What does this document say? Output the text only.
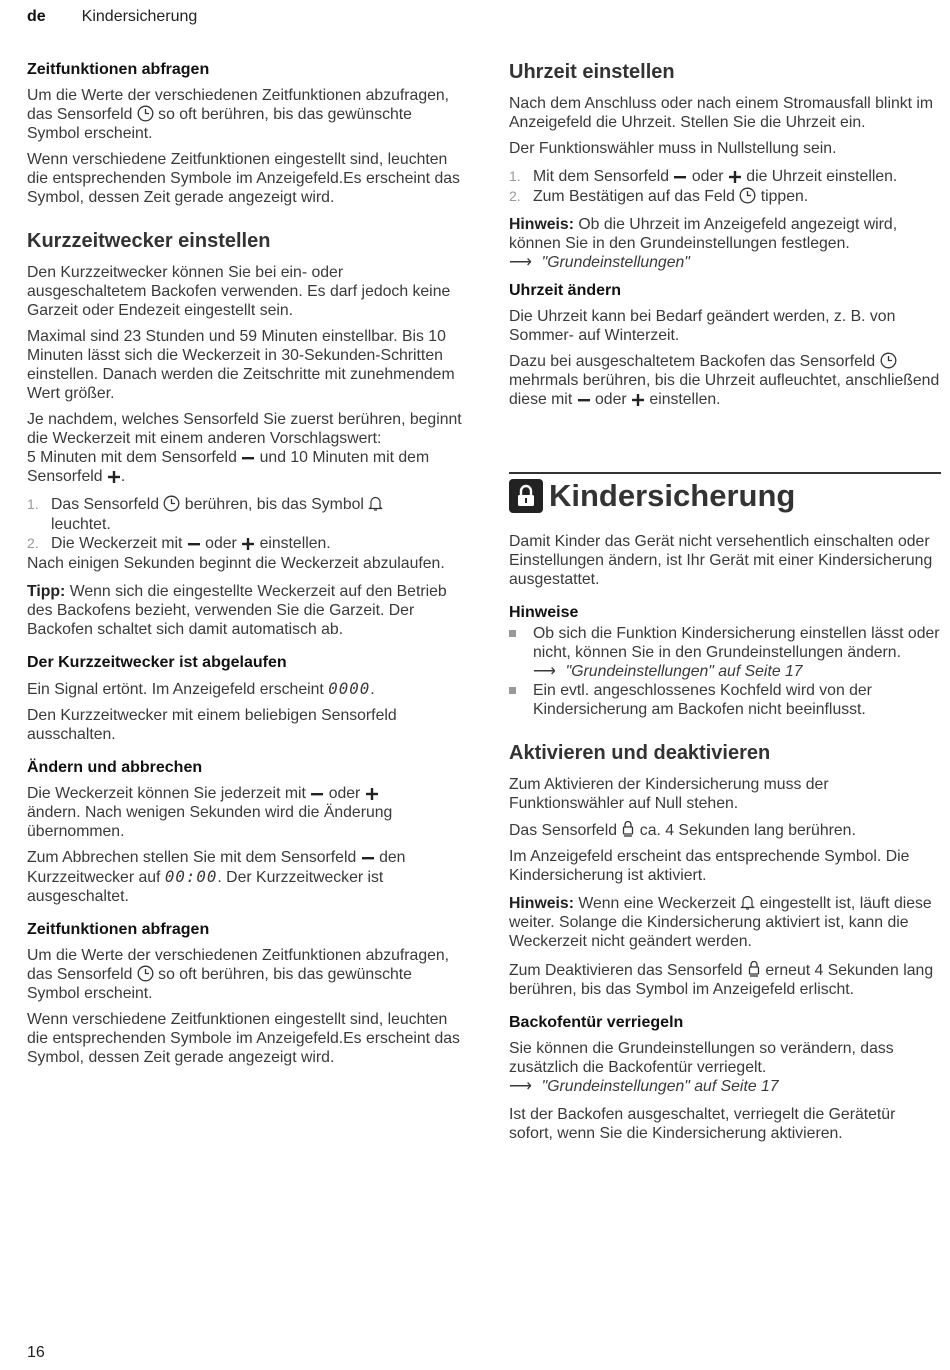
de Kindersicherung
Zeitfunktionen abfragen

Um die Werte der verschiedenen Zeitfunktionen abzufragen, das Sensorfeld so oft berühren, bis das gewünschte Symbol erscheint.

Wenn verschiedene Zeitfunktionen eingestellt sind, leuchten die entsprechenden Symbole im Anzeigefeld.Es erscheint das Symbol, dessen Zeit gerade angezeigt wird.

Kurzzeitwecker einstellen

Den Kurzzeitwecker können Sie bei ein- oder ausgeschaltetem Backofen verwenden. Es darf jedoch keine Garzeit oder Endezeit eingestellt sein.

Maximal sind 23 Stunden und 59 Minuten einstellbar. Bis 10 Minuten lässt sich die Weckerzeit in 30-Sekunden-Schritten einstellen. Danach werden die Zeitschritte mit zunehmendem Wert größer.

Je nachdem, welches Sensorfeld Sie zuerst berühren, beginnt die Weckerzeit mit einem anderen Vorschlagswert:
5 Minuten mit dem Sensorfeld und 10 Minuten mit dem Sensorfeld .

1. Das Sensorfeld berühren, bis das Symbol
leuchtet.
2. Die Weckerzeit mit oder einstellen.

Nach einigen Sekunden beginnt die Weckerzeit abzulaufen.

Tipp: Wenn sich die eingestellte Weckerzeit auf den Betrieb des Backofens bezieht, verwenden Sie die Garzeit. Der Backofen schaltet sich damit automatisch ab.

Der Kurzzeitwecker ist abgelaufen

Ein Signal ertönt. Im Anzeigefeld erscheint 0000.

Den Kurzzeitwecker mit einem beliebigen Sensorfeld ausschalten.

Ändern und abbrechen

Die Weckerzeit können Sie jederzeit mit oder
ändern. Nach wenigen Sekunden wird die Änderung übernommen.

Zum Abbrechen stellen Sie mit dem Sensorfeld den Kurzzeitwecker auf 00:00. Der Kurzzeitwecker ist ausgeschaltet.

Zeitfunktionen abfragen

Um die Werte der verschiedenen Zeitfunktionen abzufragen, das Sensorfeld so oft berühren, bis das gewünschte Symbol erscheint.

Wenn verschiedene Zeitfunktionen eingestellt sind, leuchten die entsprechenden Symbole im Anzeigefeld.Es erscheint das Symbol, dessen Zeit gerade angezeigt wird.

Uhrzeit einstellen

Nach dem Anschluss oder nach einem Stromausfall blinkt im Anzeigefeld die Uhrzeit. Stellen Sie die Uhrzeit ein.

Der Funktionswähler muss in Nullstellung sein.

1. Mit dem Sensorfeld oder die Uhrzeit einstellen.
2. Zum Bestätigen auf das Feld tippen.

Hinweis: Ob die Uhrzeit im Anzeigefeld angezeigt wird, können Sie in den Grundeinstellungen festlegen.
⟶ "Grundeinstellungen"

Uhrzeit ändern

Die Uhrzeit kann bei Bedarf geändert werden, z. B. von Sommer- auf Winterzeit.

Dazu bei ausgeschaltetem Backofen das Sensorfeld  mehrmals berühren, bis die Uhrzeit aufleuchtet, anschließend diese mit oder einstellen.

Kindersicherung

Damit Kinder das Gerät nicht versehentlich einschalten oder Einstellungen ändern, ist Ihr Gerät mit einer Kindersicherung ausgestattet.

Hinweise
Ob sich die Funktion Kindersicherung einstellen lässt oder nicht, können Sie in den Grundeinstellungen ändern.
⟶ "Grundeinstellungen" auf Seite 17
Ein evtl. angeschlossenes Kochfeld wird von der Kindersicherung am Backofen nicht beeinflusst.
Aktivieren und deaktivieren

Zum Aktivieren der Kindersicherung muss der Funktionswähler auf Null stehen.

Das Sensorfeld ca. 4 Sekunden lang berühren.

Im Anzeigefeld erscheint das entsprechende Symbol. Die Kindersicherung ist aktiviert.

Hinweis: Wenn eine Weckerzeit eingestellt ist, läuft diese weiter. Solange die Kindersicherung aktiviert ist, kann die Weckerzeit nicht geändert werden.

Zum Deaktivieren das Sensorfeld erneut 4 Sekunden lang berühren, bis das Symbol im Anzeigefeld erlischt.

Backofentür verriegeln

Sie können die Grundeinstellungen so verändern, dass zusätzlich die Backofentür verriegelt.
⟶ "Grundeinstellungen" auf Seite 17

Ist der Backofen ausgeschaltet, verriegelt die Gerätetür sofort, wenn Sie die Kindersicherung aktivieren.

16
